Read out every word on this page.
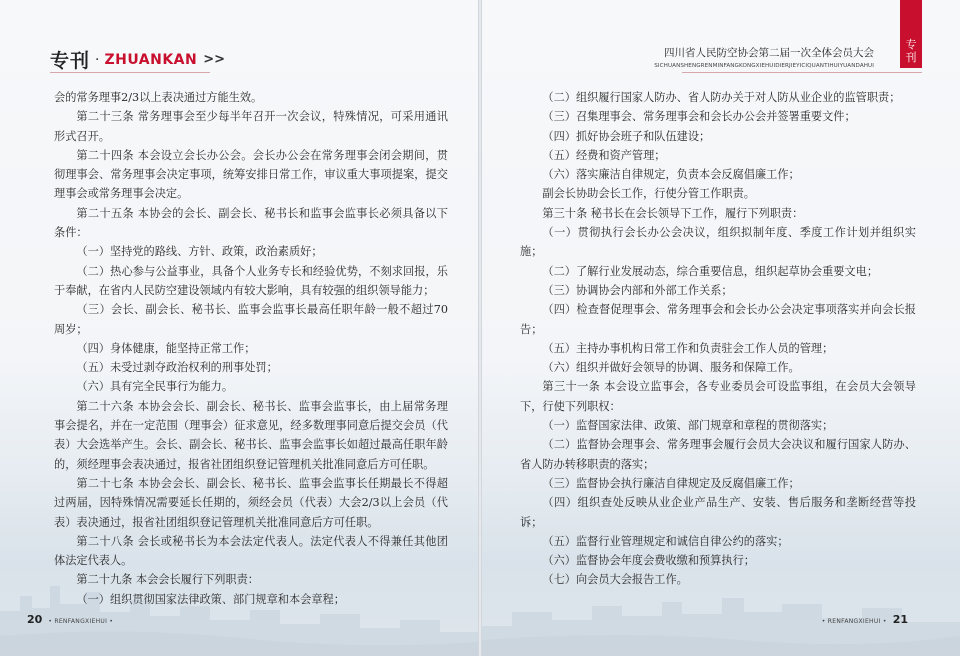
专刊 · ZHUANKAN >>

会的常务理事2/3以上表决通过方能生效。

第二十三条 常务理事会至少每半年召开一次会议，特殊情况，可采用通讯形式召开。

第二十四条 本会设立会长办公会。会长办公会在常务理事会闭会期间，贯彻理事会、常务理事会决定事项，统筹安排日常工作，审议重大事项提案，提交理事会或常务理事会决定。

第二十五条 本协会的会长、副会长、秘书长和监事会监事长必须具备以下条件：

（一）坚持党的路线、方针、政策，政治素质好；

（二）热心参与公益事业，具备个人业务专长和经验优势，不刻求回报，乐于奉献，在省内人民防空建设领域内有较大影响，具有较强的组织领导能力；

（三）会长、副会长、秘书长、监事会监事长最高任职年龄一般不超过70周岁；

（四）身体健康，能坚持正常工作；

（五）未受过剥夺政治权利的刑事处罚；

（六）具有完全民事行为能力。

第二十六条 本协会会长、副会长、秘书长、监事会监事长，由上届常务理事会提名，并在一定范围（理事会）征求意见，经多数理事同意后提交会员（代表）大会选举产生。会长、副会长、秘书长、监事会监事长如超过最高任职年龄的，须经理事会表决通过，报省社团组织登记管理机关批准同意后方可任职。

第二十七条 本协会会长、副会长、秘书长、监事会监事长任期最长不得超过两届，因特殊情况需要延长任期的，须经会员（代表）大会2/3以上会员（代表）表决通过，报省社团组织登记管理机关批准同意后方可任职。

第二十八条 会长或秘书长为本会法定代表人。法定代表人不得兼任其他团体法定代表人。

第二十九条 本会会长履行下列职责：

（一）组织贯彻国家法律政策、部门规章和本会章程；

20 • RENFANGXIEHUI •
四川省人民防空协会第二届一次全体会员大会
SICHUANSHENGRENMINFANGKONGXIEHUIDIERJIEYICIQUANTIHUIYUANDAHUI
专
刊

（二）组织履行国家人防办、省人防办关于对人防从业企业的监管职责；

（三）召集理事会、常务理事会和会长办公会并签署重要文件；

（四）抓好协会班子和队伍建设；

（五）经费和资产管理；

（六）落实廉洁自律规定，负责本会反腐倡廉工作；

副会长协助会长工作，行使分管工作职责。

第三十条 秘书长在会长领导下工作，履行下列职责：

（一）贯彻执行会长办公会决议，组织拟制年度、季度工作计划并组织实施；

（二）了解行业发展动态，综合重要信息，组织起草协会重要文电；

（三）协调协会内部和外部工作关系；

（四）检查督促理事会、常务理事会和会长办公会决定事项落实并向会长报告；

（五）主持办事机构日常工作和负责驻会工作人员的管理；

（六）组织并做好会领导的协调、服务和保障工作。

第三十一条 本会设立监事会，各专业委员会可设监事组，在会员大会领导下，行使下列职权：

（一）监督国家法律、政策、部门规章和章程的贯彻落实；

（二）监督协会理事会、常务理事会履行会员大会决议和履行国家人防办、省人防办转移职责的落实；

（三）监督协会执行廉洁自律规定及反腐倡廉工作；

（四）组织查处反映从业企业产品生产、安装、售后服务和垄断经营等投诉；

（五）监督行业管理规定和诚信自律公约的落实；

（六）监督协会年度会费收缴和预算执行；

（七）向会员大会报告工作。

• RENFANGXIEHUI • 21
